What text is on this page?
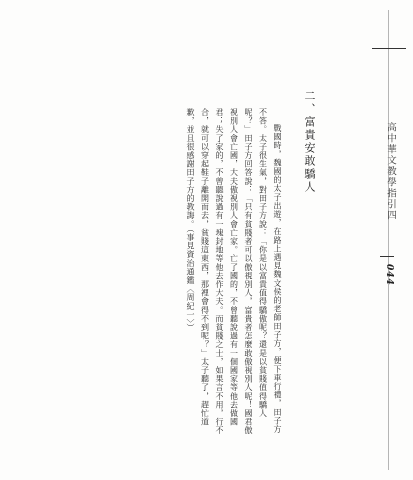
高中華文教學指引四
044
二、富貴安敢驕人

戰國時，魏國的太子出遊，在路上遇見魏文侯的老師田子方，便下車行禮，田子方不答。太子很生氣，對田子方說：「你是以富貴值得驕傲呢？還是以貧賤值得驕人呢？」田子方回答說：「只有貧賤者可以傲視別人，富貴者怎麼敢傲視別人呢！國君傲視別人會亡國，大夫傲視別人會亡家。亡了國的，不曾聽說過有一個國家等他去做國君；失了家的，不曾聽說過有一塊封地等他去作大夫。而貧賤之士，如果言不用，行不合，就可以穿起鞋子離開而去，貧賤這東西，那裡會得不到呢？」太子聽了，趕忙道歉，並且很感謝田子方的教誨。（事見資治通鑑〈周紀一〉）
